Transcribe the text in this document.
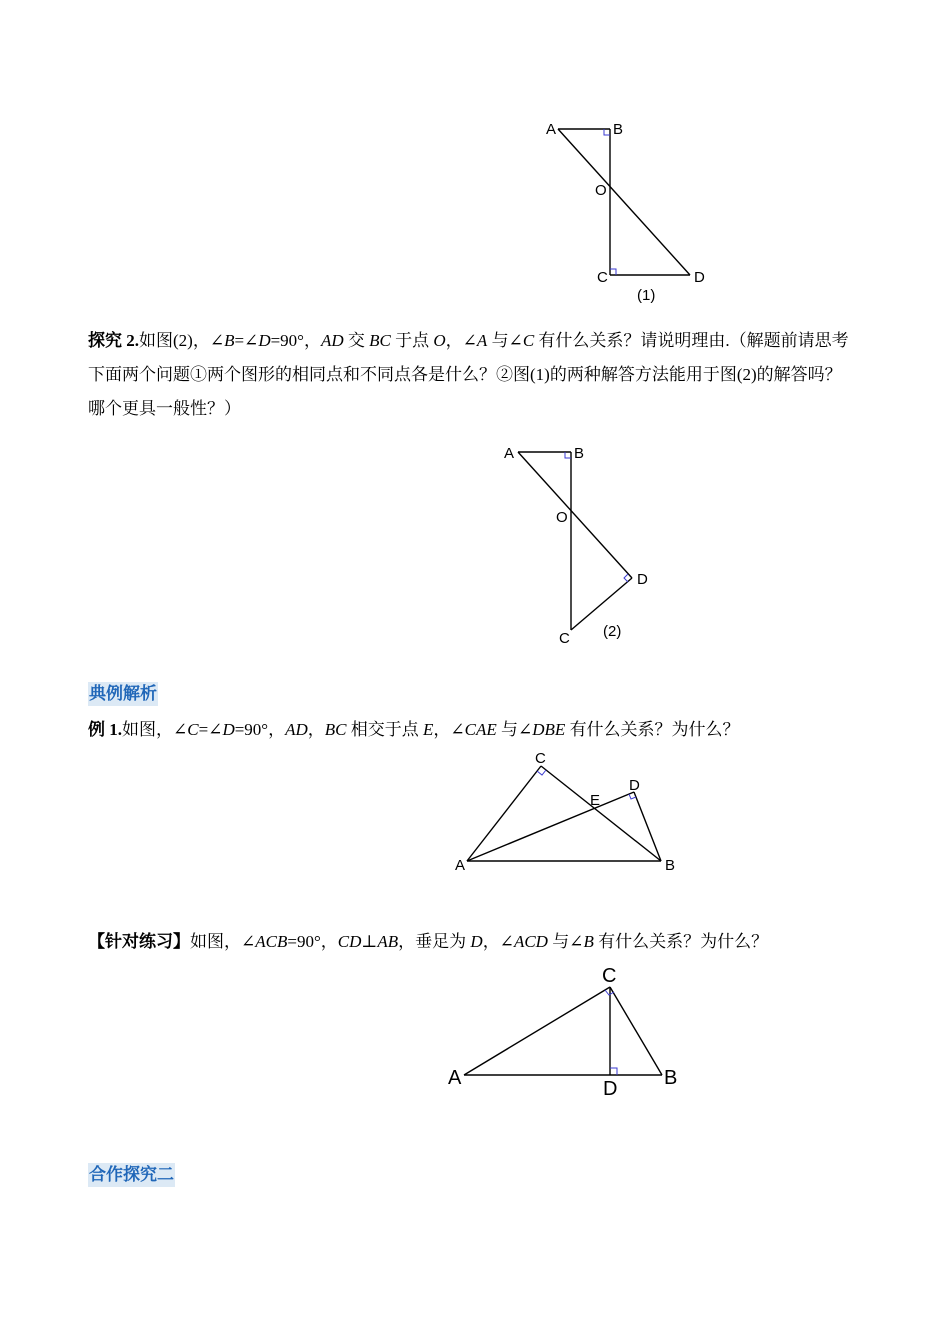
A	B
O
C	D
(1)
探究 2.如图(2)，∠B=∠D=90°，AD 交 BC 于点 O，∠A 与∠C 有什么关系？请说明理由.（解题前请思考下面两个问题①两个图形的相同点和不同点各是什么？②图(1)的两种解答方法能用于图(2)的解答吗？哪个更具一般性？）
A	B
O
D
C (2)
典例解析
例 1.如图，∠C=∠D=90°，AD，BC 相交于点 E，∠CAE 与∠DBE 有什么关系？为什么？
C
D
E
A	B
【针对练习】如图，∠ACB=90°，CD⊥AB，垂足为 D，∠ACD 与∠B 有什么关系？为什么？
C
A	D B
合作探究二
